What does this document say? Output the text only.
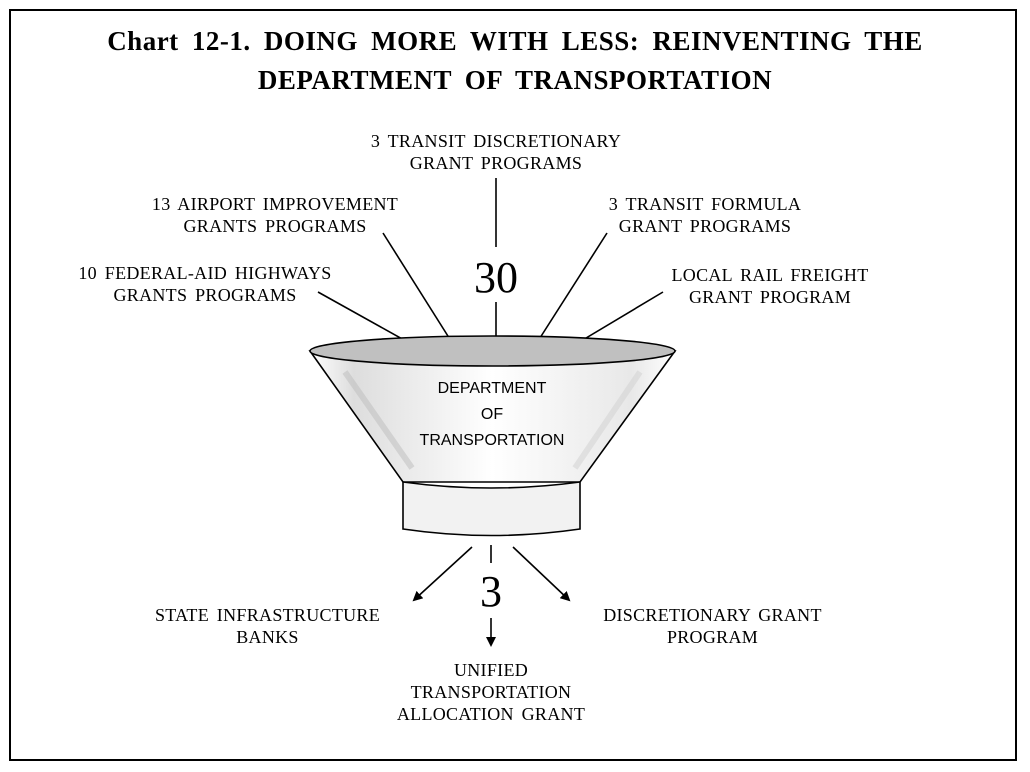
Chart 12-1. DOING MORE WITH LESS: REINVENTING THE
DEPARTMENT OF TRANSPORTATION
3 TRANSIT DISCRETIONARY
GRANT PROGRAMS
13 AIRPORT IMPROVEMENT
GRANTS PROGRAMS
3 TRANSIT FORMULA
GRANT PROGRAMS
10 FEDERAL-AID HIGHWAYS
GRANTS PROGRAMS
LOCAL RAIL FREIGHT
GRANT PROGRAM
30
DEPARTMENT
OF
TRANSPORTATION
3
STATE INFRASTRUCTURE
BANKS
DISCRETIONARY GRANT
PROGRAM
UNIFIED
TRANSPORTATION
ALLOCATION GRANT
